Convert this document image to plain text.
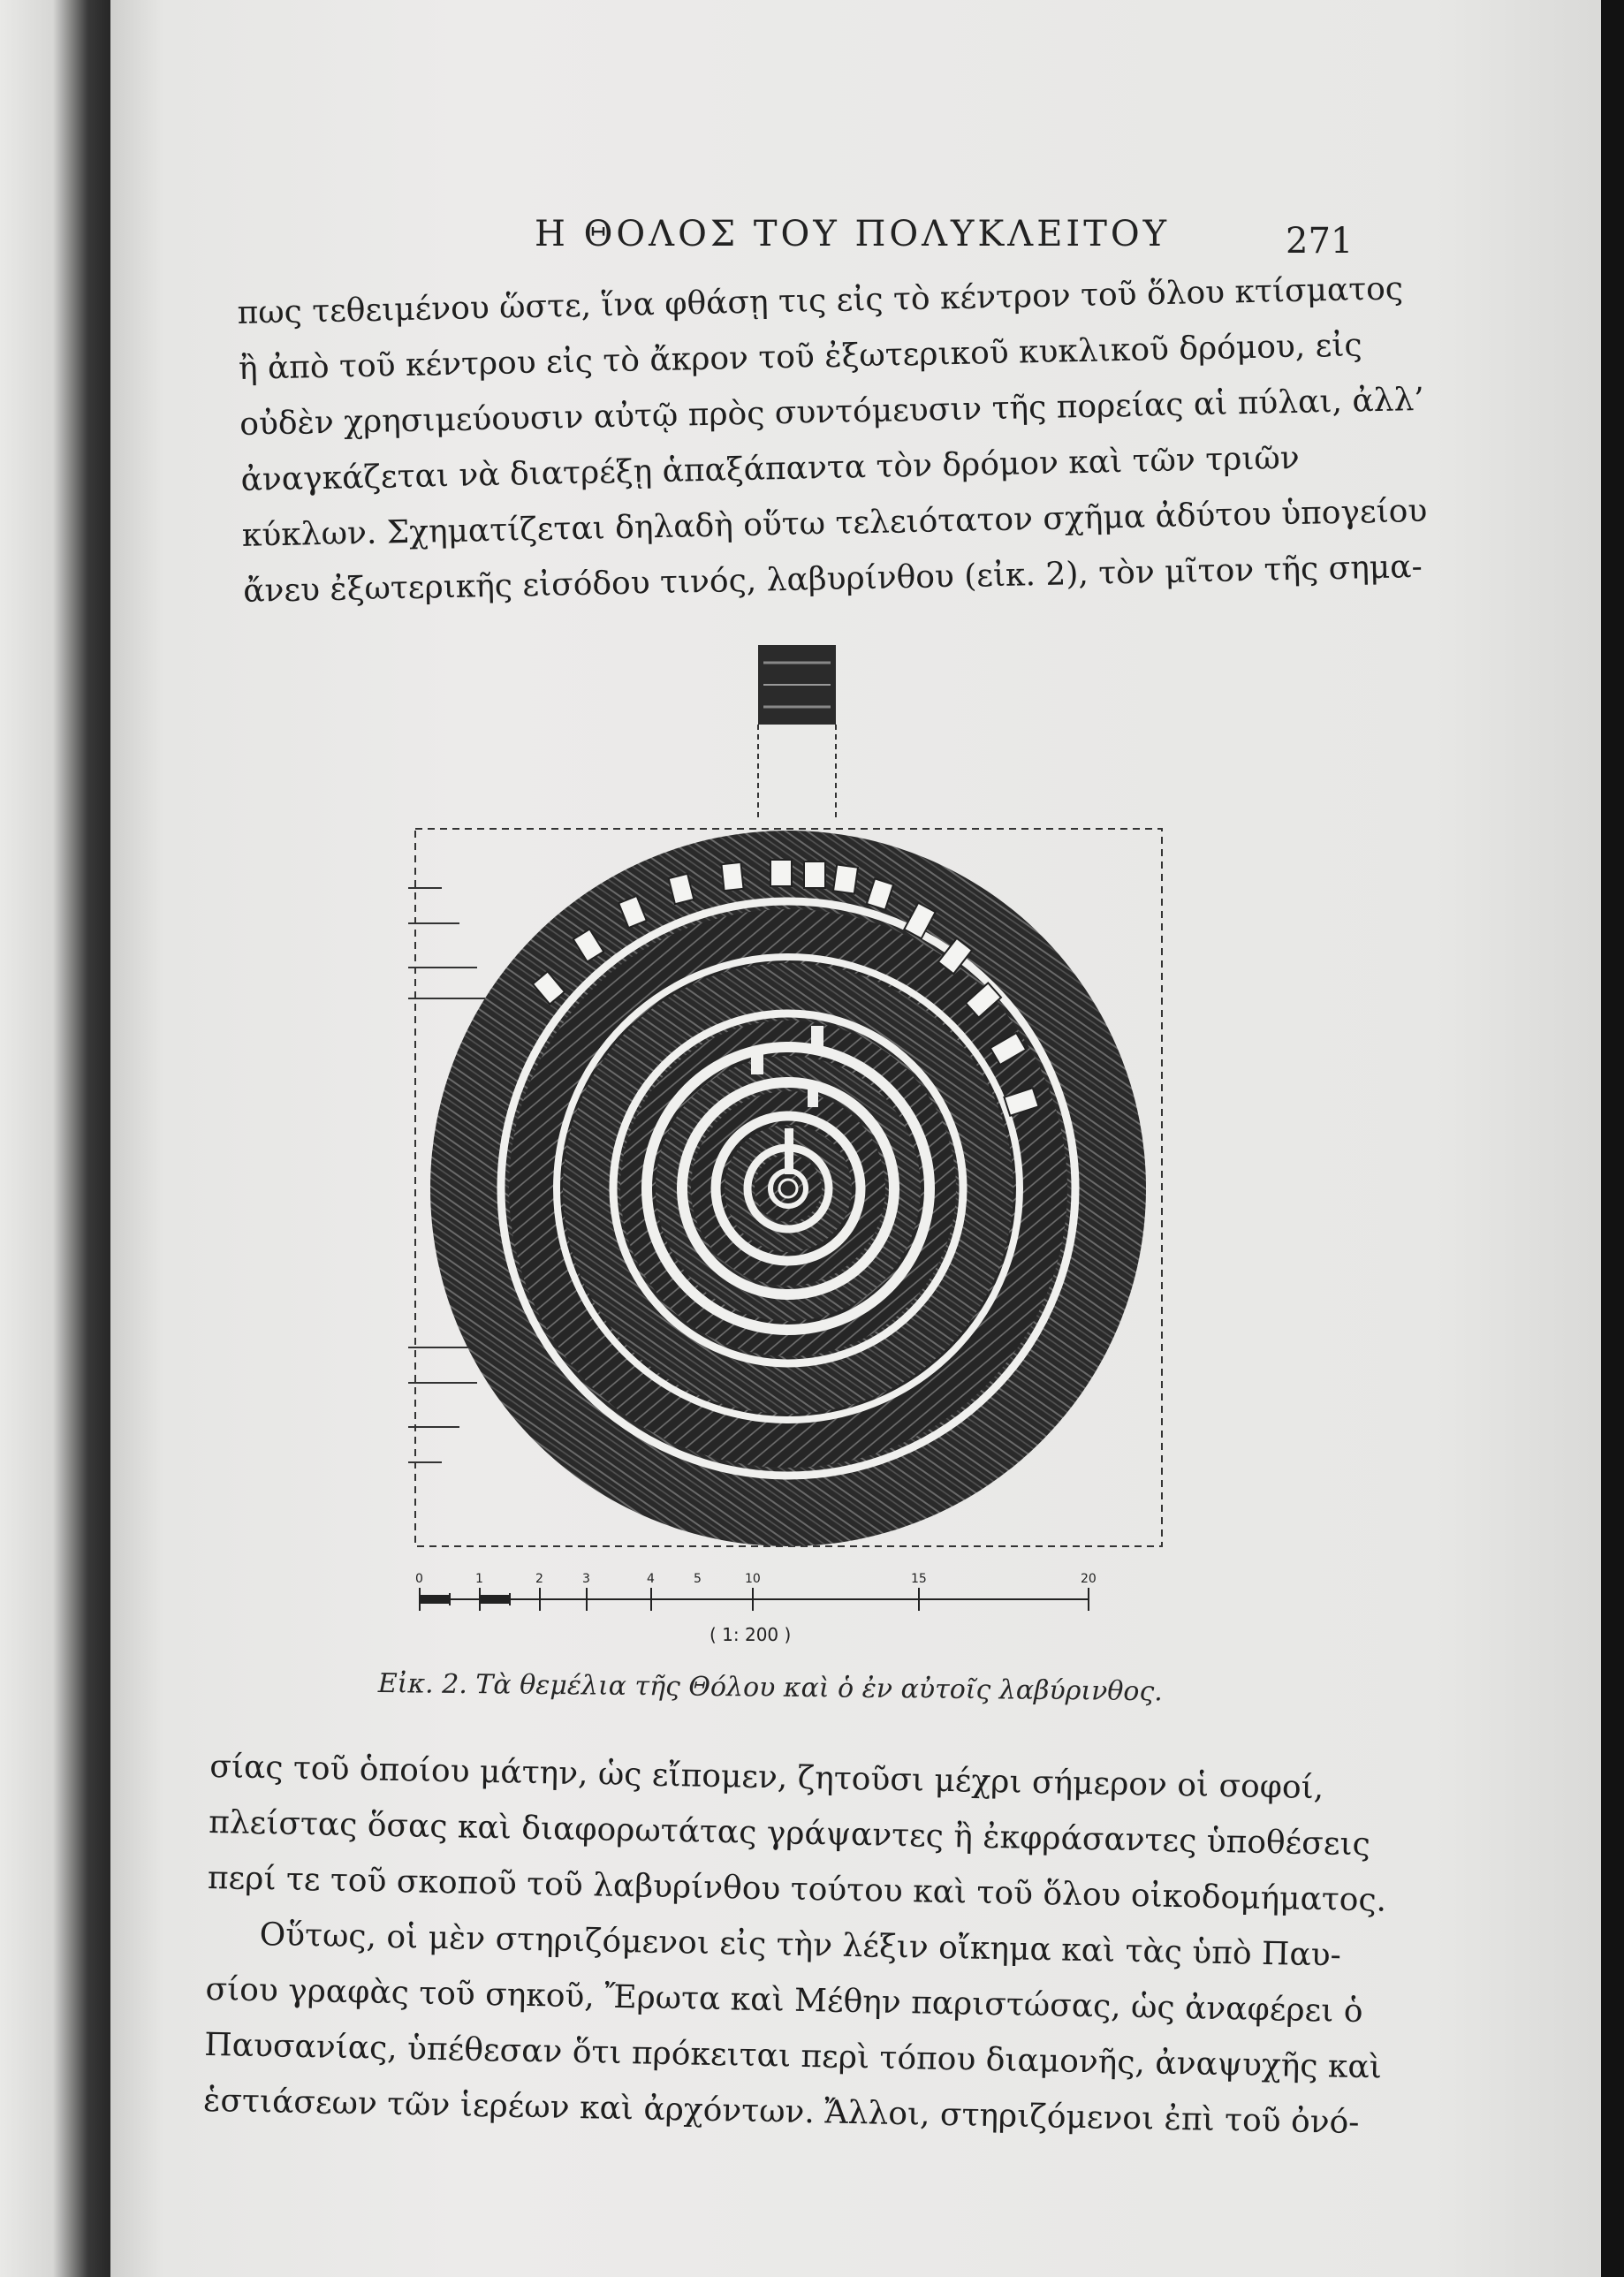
Η ΘΟΛΟΣ ΤΟΥ ΠΟΛΥΚΛΕΙΤΟΥ	271
πως τεθειμένου ὥστε, ἵνα φθάσῃ τις εἰς τὸ κέντρον τοῦ ὅλου κτίσματος
ἢ ἀπὸ τοῦ κέντρου εἰς τὸ ἄκρον τοῦ ἐξωτερικοῦ κυκλικοῦ δρόμου, εἰς
οὐδὲν χρησιμεύουσιν αὐτῷ πρὸς συντόμευσιν τῆς πορείας αἱ πύλαι, ἀλλ’
ἀναγκάζεται νὰ διατρέξῃ ἁπαξάπαντα τὸν δρόμον καὶ τῶν τριῶν
κύκλων. Σχηματίζεται δηλαδὴ οὕτω τελειότατον σχῆμα ἀδύτου ὑπογείου
ἄνευ ἐξωτερικῆς εἰσόδου τινός, λαβυρίνθου (εἰκ. 2), τὸν μῖτον τῆς σημα-
0	1	2	3	4	5	10	15	20
( 1: 200 )
Εἰκ. 2. Τὰ θεμέλια τῆς Θόλου καὶ ὁ ἐν αὐτοῖς λαβύρινθος.
σίας τοῦ ὁποίου μάτην, ὡς εἴπομεν, ζητοῦσι μέχρι σήμερον οἱ σοφοί,
πλείστας ὅσας καὶ διαφορωτάτας γράψαντες ἢ ἐκφράσαντες ὑποθέσεις
περί τε τοῦ σκοποῦ τοῦ λαβυρίνθου τούτου καὶ τοῦ ὅλου οἰκοδομήματος.
Οὕτως, οἱ μὲν στηριζόμενοι εἰς τὴν λέξιν οἴκημα καὶ τὰς ὑπὸ Παυ-
σίου γραφὰς τοῦ σηκοῦ, Ἔρωτα καὶ Μέθην παριστώσας, ὡς ἀναφέρει ὁ
Παυσανίας, ὑπέθεσαν ὅτι πρόκειται περὶ τόπου διαμονῆς, ἀναψυχῆς καὶ
ἑστιάσεων τῶν ἱερέων καὶ ἀρχόντων. Ἄλλοι, στηριζόμενοι ἐπὶ τοῦ ὀνό-
